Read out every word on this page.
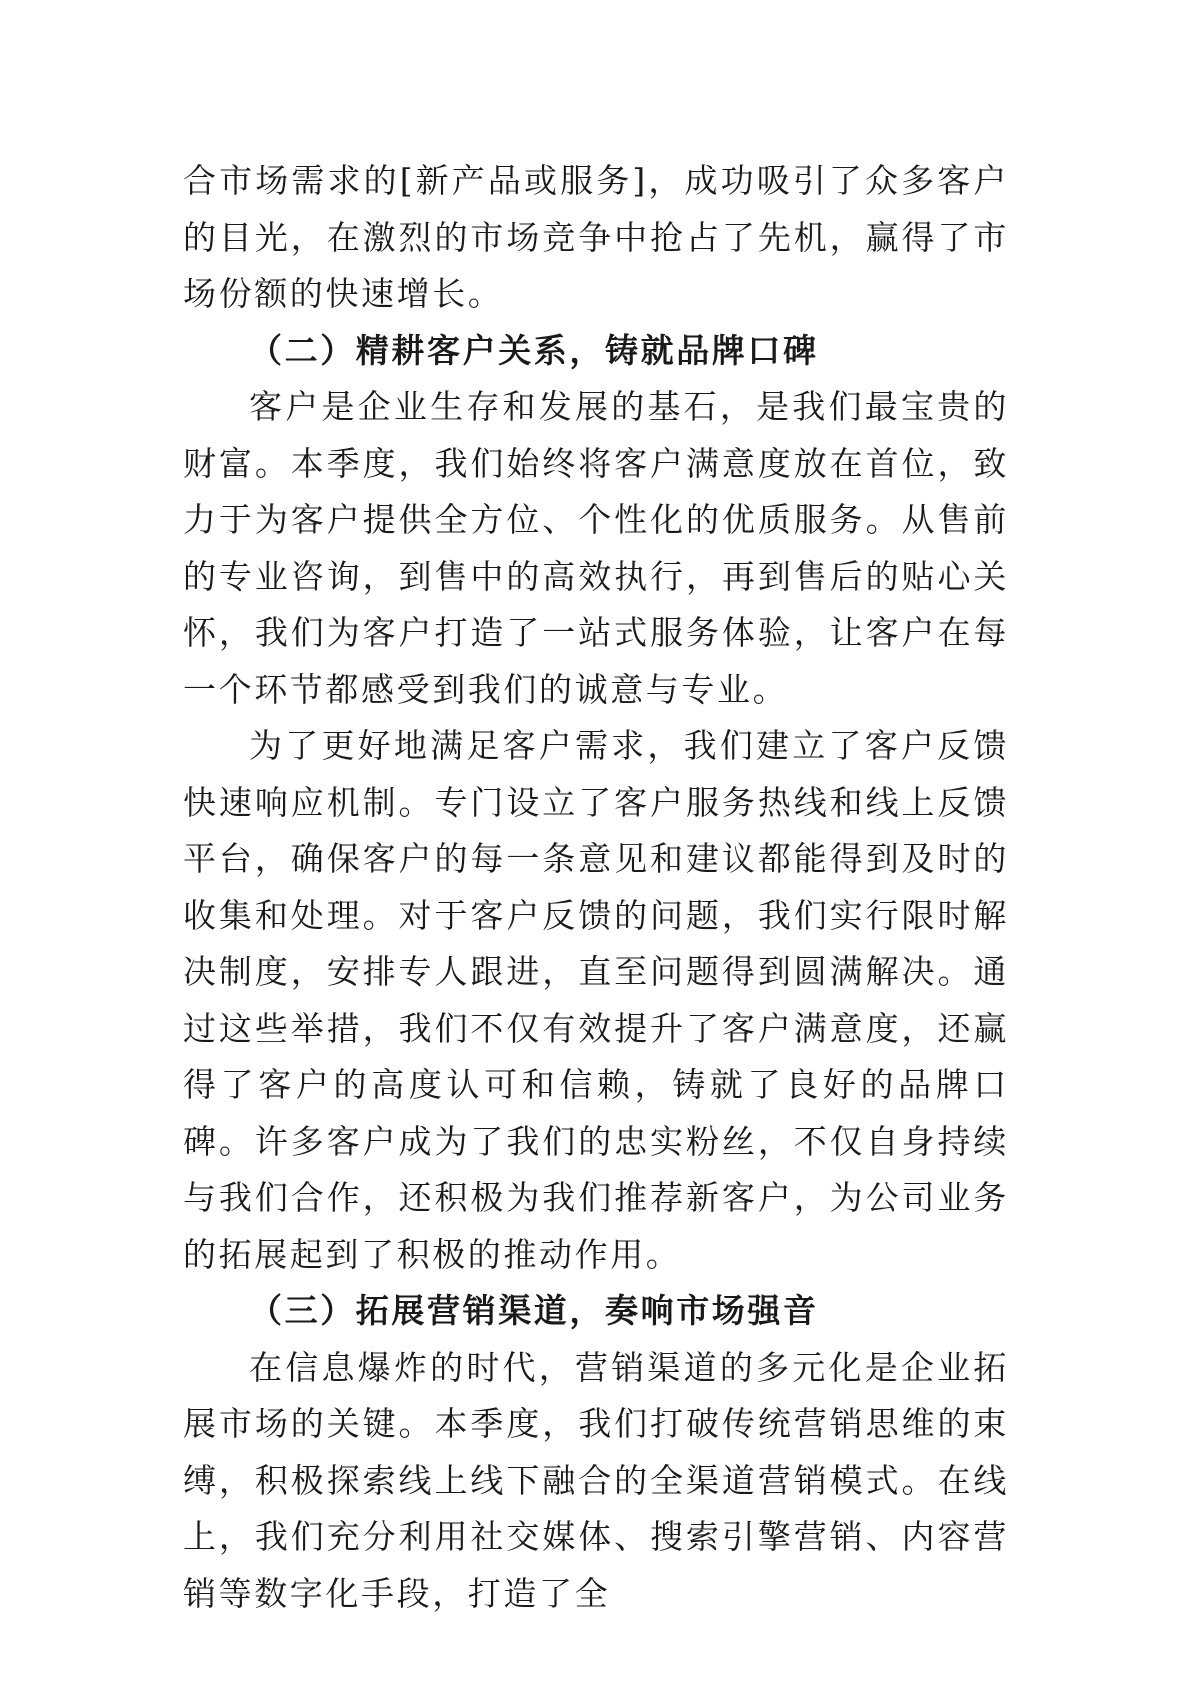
合市场需求的[新产品或服务]，成功吸引了众多客户的目光，在激烈的市场竞争中抢占了先机，赢得了市场份额的快速增长。

（二）精耕客户关系，铸就品牌口碑

客户是企业生存和发展的基石，是我们最宝贵的财富。本季度，我们始终将客户满意度放在首位，致力于为客户提供全方位、个性化的优质服务。从售前的专业咨询，到售中的高效执行，再到售后的贴心关怀，我们为客户打造了一站式服务体验，让客户在每一个环节都感受到我们的诚意与专业。

为了更好地满足客户需求，我们建立了客户反馈快速响应机制。专门设立了客户服务热线和线上反馈平台，确保客户的每一条意见和建议都能得到及时的收集和处理。对于客户反馈的问题，我们实行限时解决制度，安排专人跟进，直至问题得到圆满解决。通过这些举措，我们不仅有效提升了客户满意度，还赢得了客户的高度认可和信赖，铸就了良好的品牌口碑。许多客户成为了我们的忠实粉丝，不仅自身持续与我们合作，还积极为我们推荐新客户，为公司业务的拓展起到了积极的推动作用。

（三）拓展营销渠道，奏响市场强音

在信息爆炸的时代，营销渠道的多元化是企业拓展市场的关键。本季度，我们打破传统营销思维的束缚，积极探索线上线下融合的全渠道营销模式。在线上，我们充分利用社交媒体、搜索引擎营销、内容营销等数字化手段，打造了全
